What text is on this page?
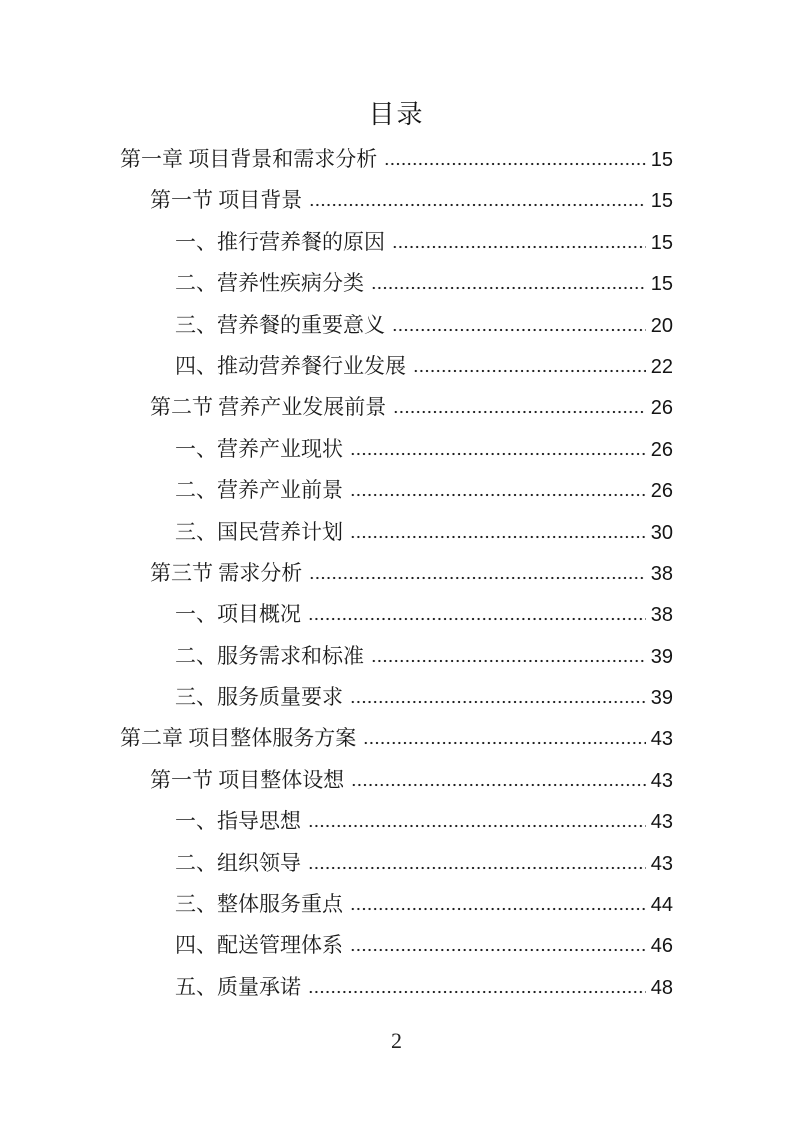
目录
第一章 项目背景和需求分析	15
第一节 项目背景	15
一、推行营养餐的原因	15
二、营养性疾病分类	15
三、营养餐的重要意义	20
四、推动营养餐行业发展	22
第二节 营养产业发展前景	26
一、营养产业现状	26
二、营养产业前景	26
三、国民营养计划	30
第三节 需求分析	38
一、项目概况	38
二、服务需求和标准	39
三、服务质量要求	39
第二章 项目整体服务方案	43
第一节 项目整体设想	43
一、指导思想	43
二、组织领导	43
三、整体服务重点	44
四、配送管理体系	46
五、质量承诺	48
2
